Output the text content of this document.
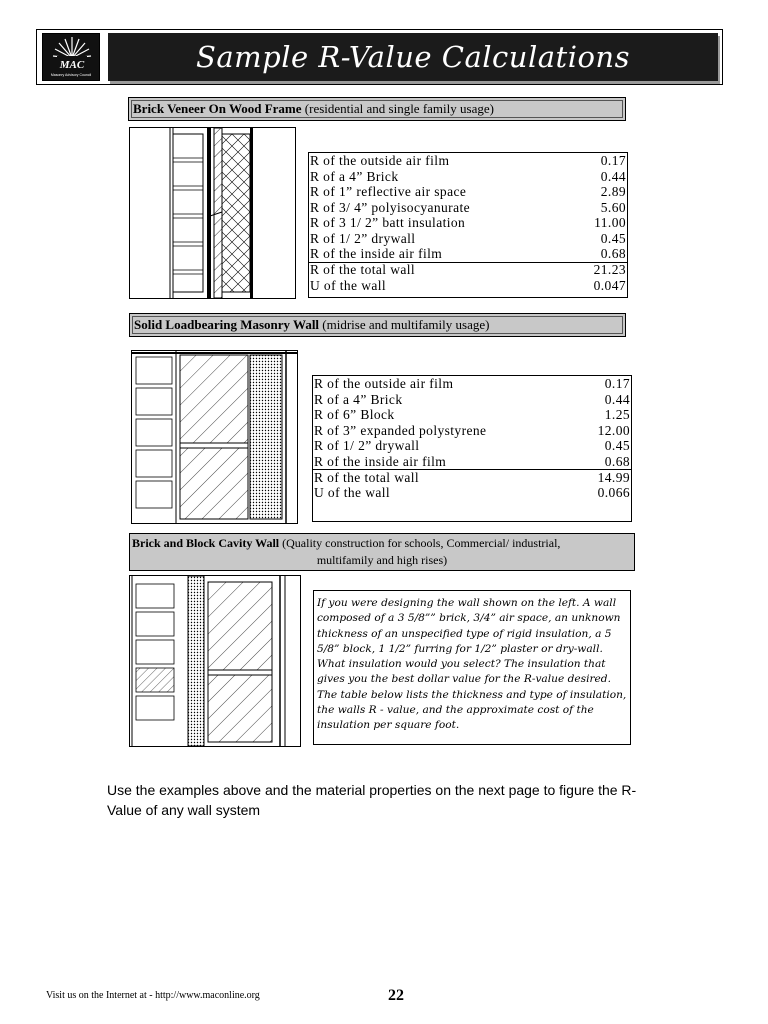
MAC
Masonry Advisory Council
Sample R-Value Calculations
Brick Veneer On Wood Frame (residential and single family usage)
R of the outside air film	0.17
R of a 4” Brick	0.44
R of 1” reflective air space	2.89
R of 3/ 4” polyisocyanurate	5.60
R of 3 1/ 2” batt insulation	11.00
R of 1/ 2” drywall	0.45
R of the inside air film	0.68
R of the total wall	21.23
U of the wall	0.047
Solid Loadbearing Masonry Wall (midrise and multifamily usage)
R of the outside air film	0.17
R of a 4” Brick	0.44
R of 6” Block	1.25
R of 3” expanded polystyrene	12.00
R of 1/ 2” drywall	0.45
R of the inside air film	0.68
R of the total wall	14.99
U of the wall	0.066
Brick and Block Cavity Wall (Quality construction for schools, Commercial/ industrial,
multifamily and high rises)
If you were designing the wall shown on the left. A wall composed of a 3 5/8”” brick, 3/4” air space, an unknown thickness of an unspecified type of rigid insulation, a 5 5/8” block, 1 1/2” furring for 1/2” plaster or dry-wall. What insulation would you select? The insulation that gives you the best dollar value for the R-value desired. The table below lists the thickness and type of insulation, the walls R - value, and the approximate cost of the insulation per square foot.
Use the examples above and the material properties on the next page to figure the R-Value of any wall system
Visit us on the Internet at - http://www.maconline.org	22
